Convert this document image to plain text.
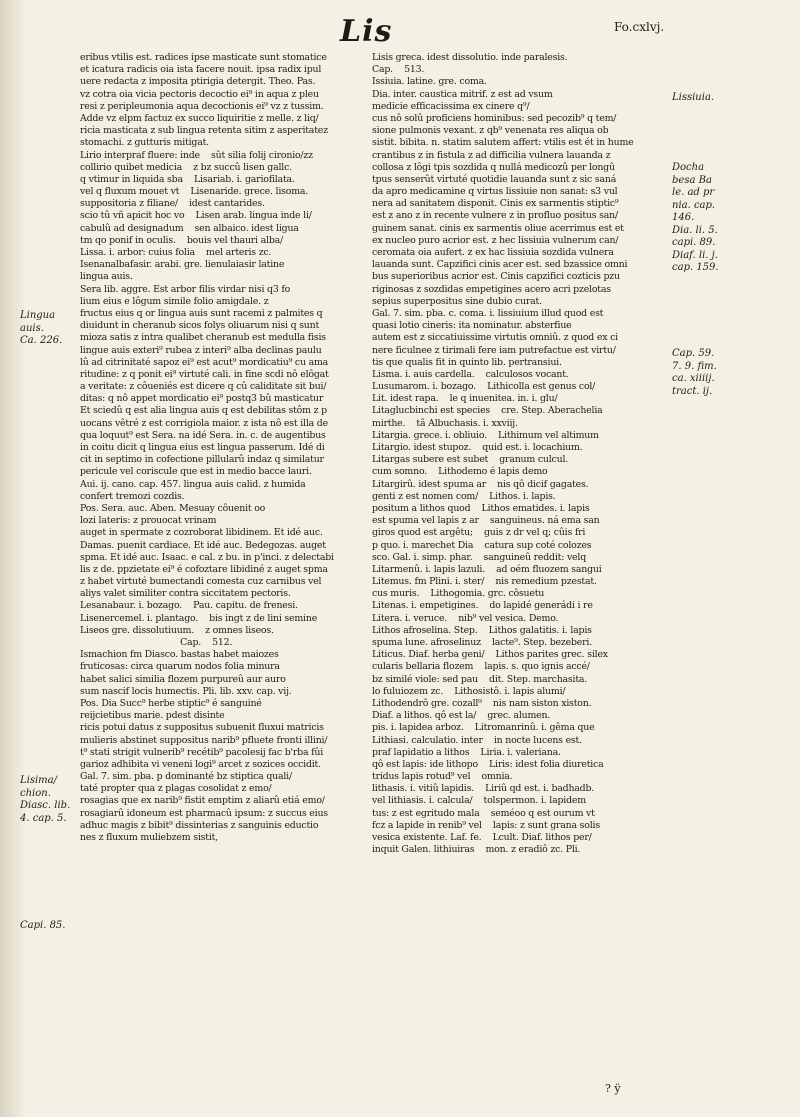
Lis	Fo.cxlvj.
eribus vtilis est. radices ipse masticate sunt stomatice
et icatura radicis oia ista facere nouit. ipsa radix ipul
uere redacta z imposita ptirigia detergit. Theo. Pas.
vz cotra oia vicia pectoris decoctio ei⁹ in aqua z pleu
resi z peripleumonia aqua decoctionis ei⁹ vz z tussim.
Adde vz elpm factuz ex succo liquiritie z melle. z liq/
ricia masticata z sub lingua retenta sitim z asperitatez
stomachi. z gutturis mitigat.
Lirio interpraf fluere: inde    sût silia folij cironio/zz
collirio quibet medicia    z bz succû lisen gallc.
q vtimur in liquida sba    Lisariab. i. gariofilata.
vel q fluxum mouet vt    Lisenaride. grece. lisoma.
suppositoria z filiane/    idest cantarides.
scio tû vñ apicit hoc vo    Lisen arab. lingua inde li/
cabulû ad designadum    sen albaico. idest ligua
tm qo ponif in oculis.    bouis vel thauri alba/
Lissa. i. arbor: cuius folia    mel arteris zc.
Isenanalbafasir. arabi. gre. lienulaiasir latine
lingua auis.
Sera lib. aggre. Est arbor filis virdar nisi q3 fo
lium eius e lôgum simile folio amigdale. z
fructus eius q or lingua auis sunt racemi z palmites q
diuidunt in cheranub sicos folys oliuarum nisi q sunt
mioza satis z intra qualibet cheranub est medulla fisis
lingue auis exteri⁹ rubea z interi⁹ alba declinas paulu
lû ad citrinitaté sapoz ei⁹ est acut⁹ mordicatiu⁹ cu ama
ritudine: z q ponit ei⁹ virtuté cali. in fine scdi nô elôgat
a veritate: z côueniés est dicere q cû caliditate sit bui/
ditas: q nô appet mordicatio ei⁹ postq3 bû masticatur
Et sciedû q est alia lingua auis q est debilitas stôm z p
uocans vêtré z est corrigiola maior. z ista nô est illa de
qua loquut⁹ est Sera. na idé Sera. in. c. de augentibus
in coitu dicit q lingua eius est lingua passerum. Idé di
cit in septimo in cofectione pillularû indaz q similatur
pericule vel coriscule que est in medio bacce lauri.
Aui. ij. cano. cap. 457. lingua auis calid. z humida
confert tremozi cozdis.
Pos. Sera. auc. Aben. Mesuay côuenit oo
lozi lateris: z prouocat vrinam
auget in spermate z cozroborat libidinem. Et idé auc.
Damas. puenit cardiace. Et idé auc. Bedegozas. auget
spma. Et idé auc. Isaac. e cal. z bu. in p'inci. z delectabi
lis z de. ppzietate ei⁹ é cofoztare libidiné z auget spma
z habet virtuté bumectandi comesta cuz carnibus vel
aliys valet similiter contra siccitatem pectoris.
Lesanabaur. i. bozago.    Pau. capitu. de frenesi.
Lisenercemel. i. plantago.    bis ingt z de lini semine
Liseos gre. dissolutiuum.    z omnes liseos.
Cap.    512.
Ismachion fm Diasco. bastas habet maiozes
fruticosas: circa quarum nodos folia minura
habet salici similia flozem purpureû aur auro
sum nascif locis humectis. Pli. lib. xxv. cap. vij.
Pos. Dia Succ⁹ herbe stiptic⁹ é sanguiné
reijcietibus marie. pdest disinte
ricis potui datus z suppositus subuenit fluxui matricis
mulieris abstinet suppositus narib⁹ pfluete fronti illini/
t⁹ stati strigit vulnerib⁹ recétib⁹ pacolesij fac b'rba fûi
garioz adhibita vi veneni logi⁹ arcet z sozices occidit.
Gal. 7. sim. pba. p dominanté bz stiptica quali/
taté propter qua z plagas cosolidat z emo/
rosagias que ex narib⁹ fistit emptim z aliarû etiá emo/
rosagiarû idoneum est pharmacû ipsum: z succus eius
adhuc magis z bibit⁹ dissinterias z sanguinis eductio
nes z fluxum muliebzem sistit,
Lisis greca. idest dissolutio. inde paralesis.
Cap.    513.
Issiuia. latine. gre. coma.
Dia. inter. caustica mitrif. z est ad vsum
medicie efficacissima ex cinere q⁹/
cus nô solû proficiens hominibus: sed pecozib⁹ q tem/
sione pulmonis vexant. z qb⁹ venenata res aliqua ob
sistit. bibita. n. statim salutem affert: vtilis est ét in hume
crantibus z in fistula z ad difficilia vulnera lauanda z
collosa z lôgi tpis sozdida q nullá medicozû per longû
tpus senserût virtuté quotidie lauanda sunt z sic saná
da apro medicamine q virtus lissiuie non sanat: s3 vul
nera ad sanitatem disponit. Cinis ex sarmentis stiptic⁹
est z ano z in recente vulnere z in profluo positus san/
guinem sanat. cinis ex sarmentis oliue acerrimus est et
ex nucleo puro acrior est. z hec lissiuia vulnerum can/
ceromata oia aufert. z ex hac lissiuia sozdida vulnera
lauanda sunt. Capzifici cinis acer est. sed bzassice omni
bus superioribus acrior est. Cinis capzifici cozticis pzu
riginosas z sozdidas empetigines acero acri pzelotas
sepius superpositus sine dubio curat.
Gal. 7. sim. pba. c. coma. i. lissiuium illud quod est
quasi lotio cineris: ita nominatur. absterfiue
autem est z siccatiuissime virtutis omniû. z quod ex ci
nere ficulnee z tirimali fere iam putrefactue est virtu/
tis que qualis fit in quinto lib. pertransiui.
Lisma. i. auis cardella.    calculosos vocant.
Lusumarom. i. bozago.    Lithicolla est genus col/
Lit. idest rapa.    le q inuenitea. in. i. glu/
Litaglucbinchi est species    cre. Step. Aberachelia
mirthe.    tâ Albuchasis. i. xxviij.
Litargia. grece. i. obliuio.    Lithimum vel altimum
Litargio. idest stupoz.    quid est. i. locachium.
Litargas subere est subet    granum culcul.
cum somno.    Lithodemo é lapis demo
Litargirû. idest spuma ar    nis qô dicif gagates.
genti z est nomen com/    Lithos. i. lapis.
positum a lithos quod    Lithos ematides. i. lapis
est spuma vel lapis z ar    sanguineus. ná ema san
giros quod est argêtu;    guis z dr vel q; cûis fri
p quo. i. marechet Dia    catura sup coté colozes
sco. Gal. i. simp. phar.    sanguineû reddit: velq
Litarmenû. i. lapis lazuli.    ad oém fluozem sangui
Litemus. fm Plini. i. ster/    nis remedium pzestat.
cus muris.    Lithogomia. grc. côsuetu
Litenas. i. empetigines.    do lapidé generádi i re
Litera. i. veruce.    nib⁹ vel vesica. Demo.
Lithos afroselina. Step.    Lithos galatitis. i. lapis
spuma lune. afroselinuz    lacte⁹. Step. bezeberi.
Liticus. Diaf. herba geni/    Lithos parites grec. silex
cularis bellaria flozem    lapis. s. quo ignis accé/
bz similé viole: sed pau    dit. Step. marchasita.
lo fuluiozem zc.    Lithosistô. i. lapis alumi/
Lithodendrô gre. cozall⁹    nis nam siston xiston.
Diaf. a lithos. qô est la/    grec. alumen.
pis. i. lapidea arboz.    Litromanrinû. i. gêma que
Lithiasi. calculatio. inter    in nocte lucens est.
praf lapidatio a lithos    Liria. i. valeriana.
qô est lapis: ide lithopo    Liris: idest folia diuretica
tridus lapis rotud⁹ vel    omnia.
lithasis. i. vitiû lapidis.    Liriû qd est. i. badhadb.
vel lithiasis. i. calcula/    tolspermon. i. lapidem
tus: z est egritudo mala    seméoo q est ourum vt
fcz a lapide in renib⁹ vel    lapis: z sunt grana solis
vesica existente. Laf. fe.    Lcult. Diaf. lithos per/
inquit Galen. lithiuiras    mon. z eradiô zc. Pli.
Lingua
auis.
Ca. 226.
Lisima/
chion.
Diasc. lib.
4. cap. 5.
Capi. 85.
Lissiuia.
Docha
besa Ba
le. ad pr
nia. cap.
146.
Dia. li. 5.
capi. 89.
Diaf. li. j.
cap. 159.
Cap. 59.
7. 9. fim.
ca. xiiiij.
tract. ij.
? ÿ
